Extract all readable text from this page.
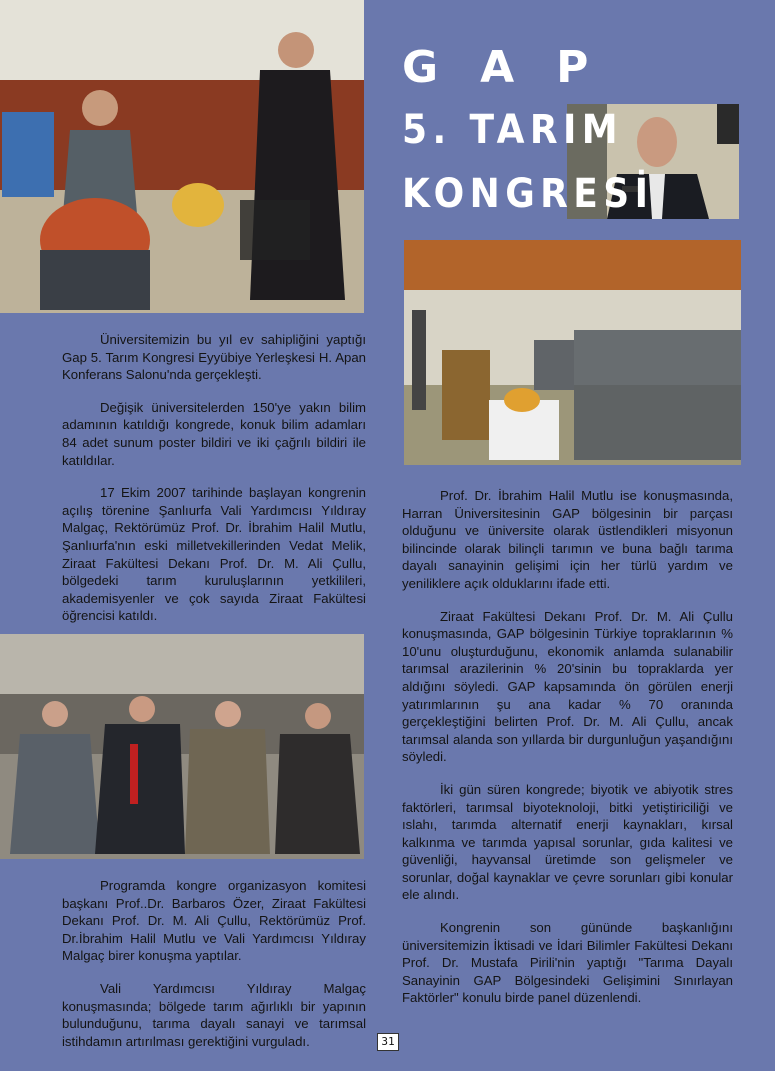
GAP
5. TARIM
KONGRESİ

Üniversitemizin bu yıl ev sahipliğini yaptığı Gap 5. Tarım Kongresi Eyyübiye Yerleşkesi H. Apan Konferans Salonu'nda gerçekleşti.

Değişik üniversitelerden 150'ye yakın bilim adamının katıldığı kongrede, konuk bilim adamları 84 adet sunum poster bildiri ve iki çağrılı bildiri ile katıldılar.

17 Ekim 2007 tarihinde başlayan kongrenin açılış törenine Şanlıurfa Vali Yardımcısı Yıldıray Malgaç, Rektörümüz Prof. Dr. İbrahim Halil Mutlu, Şanlıurfa'nın eski milletvekillerinden Vedat Melik, Ziraat Fakültesi Dekanı Prof. Dr. M. Ali Çullu, bölgedeki tarım kuruluşlarının yetkilileri, akademisyenler ve çok sayıda Ziraat Fakültesi öğrencisi katıldı.

Programda kongre organizasyon komitesi başkanı Prof..Dr. Barbaros Özer, Ziraat Fakültesi Dekanı Prof. Dr. M. Ali Çullu, Rektörümüz Prof. Dr.İbrahim Halil Mutlu ve Vali Yardımcısı Yıldıray Malgaç birer konuşma yaptılar.

Vali Yardımcısı Yıldıray Malgaç konuşmasında; bölgede tarım ağırlıklı bir yapının bulunduğunu, tarıma dayalı sanayi ve tarımsal istihdamın artırılması gerektiğini vurguladı.

Prof. Dr. İbrahim Halil Mutlu ise konuşmasında, Harran Üniversitesinin GAP bölgesinin bir parçası olduğunu ve üniversite olarak üstlendikleri misyonun bilincinde olarak bilinçli tarımın ve buna bağlı tarıma dayalı sanayinin gelişimi için her türlü yardım ve yeniliklere açık olduklarını ifade etti.

Ziraat Fakültesi Dekanı Prof. Dr. M. Ali Çullu konuşmasında, GAP bölgesinin Türkiye topraklarının % 10'unu oluşturduğunu, ekonomik anlamda sulanabilir tarımsal arazilerinin % 20'sinin bu topraklarda yer aldığını söyledi. GAP kapsamında ön görülen enerji yatırımlarının şu ana kadar % 70 oranında gerçekleştiğini belirten Prof. Dr. M. Ali Çullu, ancak tarımsal alanda son yıllarda bir durgunluğun yaşandığını söyledi.

İki gün süren kongrede; biyotik ve abiyotik stres faktörleri, tarımsal biyoteknoloji, bitki yetiştiriciliği ve ıslahı, tarımda alternatif enerji kaynakları, kırsal kalkınma ve tarımda yapısal sorunlar, gıda kalitesi ve güvenliği, hayvansal üretimde son gelişmeler ve sorunlar, doğal kaynaklar ve çevre sorunları gibi konular ele alındı.

Kongrenin son gününde başkanlığını üniversitemizin İktisadi ve İdari Bilimler Fakültesi Dekanı Prof. Dr. Mustafa Pirili'nin yaptığı "Tarıma Dayalı Sanayinin GAP Bölgesindeki Gelişimini Sınırlayan Faktörler" konulu birde panel düzenlendi.

31
